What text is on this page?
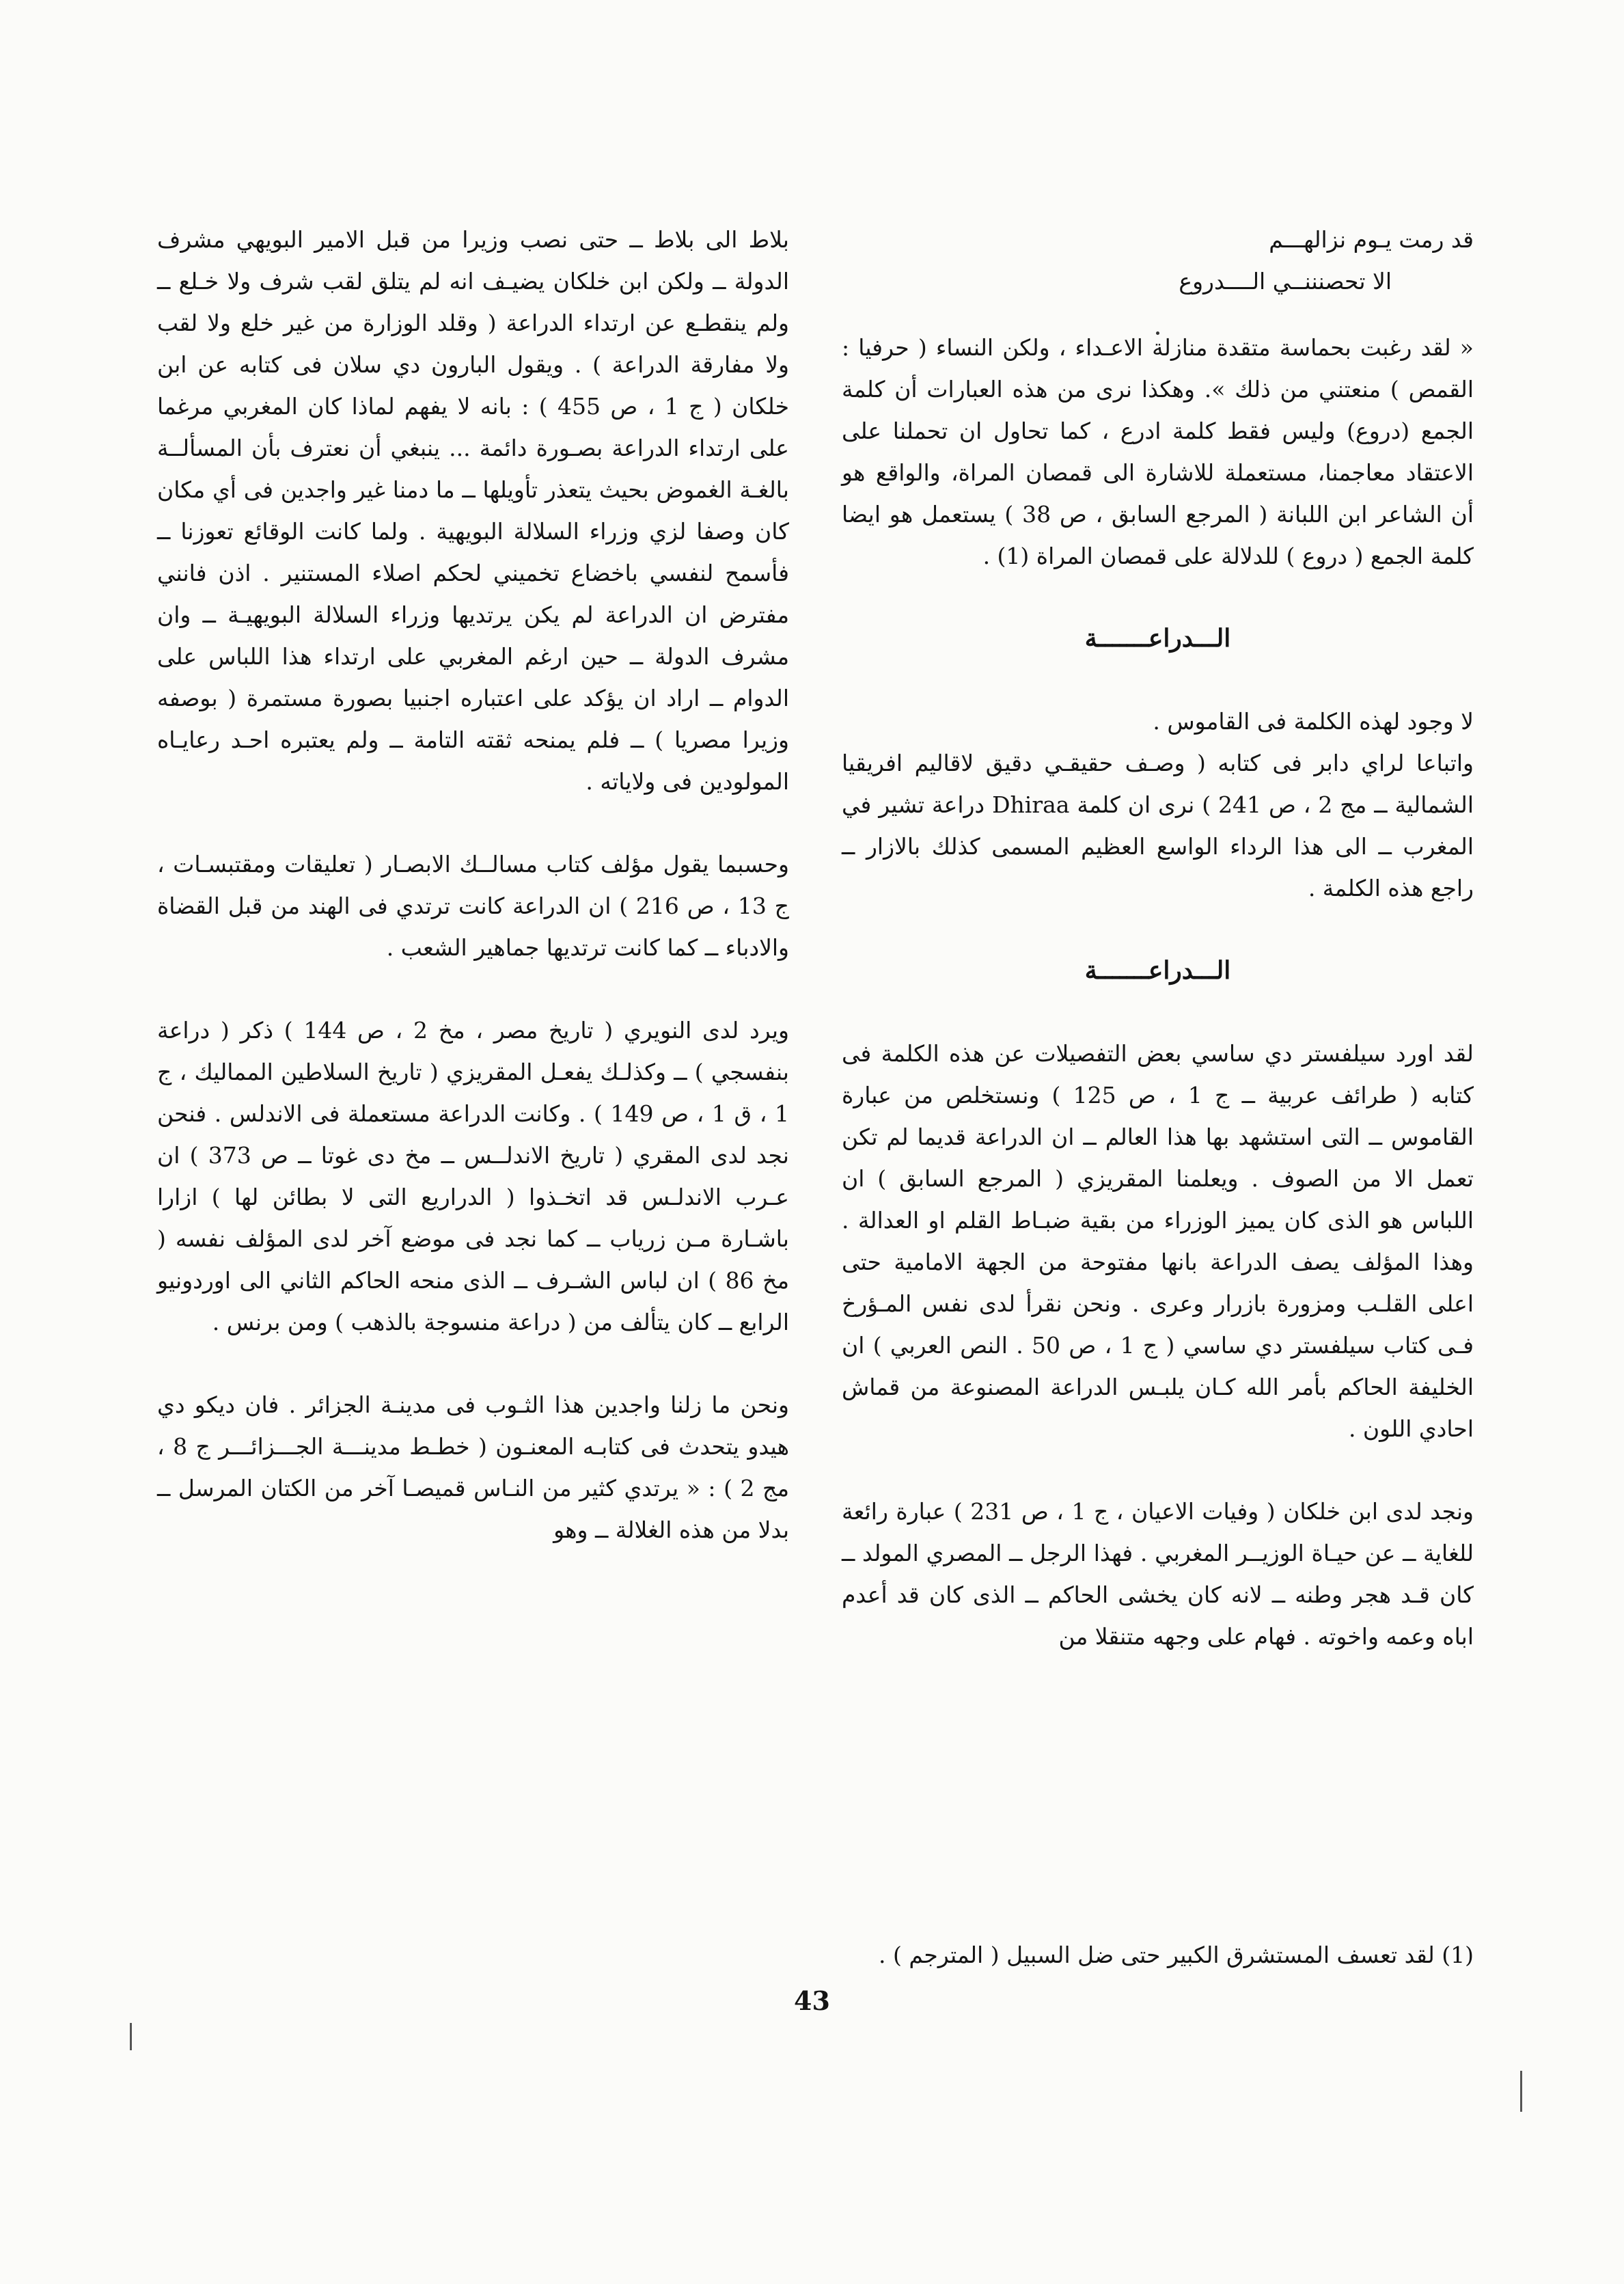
قد رمت يـوم نزالهـــم
الا تحصنننــي الــــدروع

« لقد رغبت بحماسة متقدة منازلة الاعـداء ، ولكن النساء ( حرفيا : القمص ) منعتني من ذلك ». وهكذا نرى من هذه العبارات أن كلمة الجمع (دروع) وليس فقط كلمة ادرع ، كما تحاول ان تحملنا على الاعتقاد معاجمنا، مستعملة للاشارة الى قمصان المراة، والواقع هو أن الشاعر ابن اللبانة ( المرجع السابق ، ص 38 ) يستعمل هو ايضا كلمة الجمع ( دروع ) للدلالة على قمصان المراة (1) .

الـــدراعـــــــة

لا وجود لهذه الكلمة فى القاموس .

واتباعا لراي دابر فى كتابه ( وصـف حقيقـي دقيق لاقاليم افريقيا الشمالية ــ مج 2 ، ص 241 ) نرى ان كلمة Dhiraa دراعة تشير في المغرب ــ الى هذا الرداء الواسع العظيم المسمى كذلك بالازار ــ راجع هذه الكلمة .

الـــدراعـــــــة

لقد اورد سيلفستر دي ساسي بعض التفصيلات عن هذه الكلمة فى كتابه ( طرائف عربية ــ ج 1 ، ص 125 ) ونستخلص من عبارة القاموس ــ التى استشهد بها هذا العالم ــ ان الدراعة قديما لم تكن تعمل الا من الصوف . ويعلمنا المقريزي ( المرجع السابق ) ان اللباس هو الذى كان يميز الوزراء من بقية ضبـاط القلم او العدالة . وهذا المؤلف يصف الدراعة بانها مفتوحة من الجهة الامامية حتى اعلى القلـب ومزورة بازرار وعرى . ونحن نقرأ لدى نفس المـؤرخ فـى كتاب سيلفستر دي ساسي ( ج 1 ، ص 50 . النص العربي ) ان الخليفة الحاكم بأمر الله كـان يلبـس الدراعة المصنوعة من قماش احادي اللون .

ونجد لدى ابن خلكان ( وفيات الاعيان ، ج 1 ، ص 231 ) عبارة رائعة للغاية ــ عن حيـاة الوزيــر المغربي . فهذا الرجل ــ المصري المولد ــ كان قـد هجر وطنه ــ لانه كان يخشى الحاكم ــ الذى كان قد أعدم اباه وعمه واخوته . فهام على وجهه متنقلا من

بلاط الى بلاط ــ حتى نصب وزيرا من قبل الامير البويهي مشرف الدولة ــ ولكن ابن خلكان يضيـف انه لم يتلق لقب شرف ولا خـلع ــ ولم ينقطـع عن ارتداء الدراعة ( وقلد الوزارة من غير خلع ولا لقب ولا مفارقة الدراعة ) . ويقول البارون دي سلان فى كتابه عن ابن خلكان ( ج 1 ، ص 455 ) : بانه لا يفهم لماذا كان المغربي مرغما على ارتداء الدراعة بصـورة دائمة ... ينبغي أن نعترف بأن المسألــة بالغـة الغموض بحيث يتعذر تأويلها ــ ما دمنا غير واجدين فى أي مكان كان وصفا لزي وزراء السلالة البويهية . ولما كانت الوقائع تعوزنا ــ فأسمح لنفسي باخضاع تخميني لحكم اصلاء المستنير . اذن فانني مفترض ان الدراعة لم يكن يرتديها وزراء السلالة البويهيـة ــ وان مشرف الدولة ــ حين ارغم المغربي على ارتداء هذا اللباس على الدوام ــ اراد ان يؤكد على اعتباره اجنبيا بصورة مستمرة ( بوصفه وزيرا مصريا ) ــ فلم يمنحه ثقته التامة ــ ولم يعتبره احـد رعايـاه المولودين فى ولاياته .

وحسبما يقول مؤلف كتاب مسالــك الابصـار ( تعليقات ومقتبسـات ، ج 13 ، ص 216 ) ان الدراعة كانت ترتدي فى الهند من قبل القضاة والادباء ــ كما كانت ترتديها جماهير الشعب .

ويرد لدى النويري ( تاريخ مصر ، مخ 2 ، ص 144 ) ذكر ( دراعة بنفسجي ) ــ وكذلـك يفعـل المقريزي ( تاريخ السلاطين المماليك ، ج 1 ، ق 1 ، ص 149 ) . وكانت الدراعة مستعملة فى الاندلس . فنحن نجد لدى المقري ( تاريخ الاندلــس ــ مخ دى غوتا ــ ص 373 ) ان عـرب الاندلـس قد اتخـذوا ( الدراريع التى لا بطائن لها ) ازارا باشـارة مـن زرياب ــ كما نجد فى موضع آخر لدى المؤلف نفسه ( مخ 86 ) ان لباس الشـرف ــ الذى منحه الحاكم الثاني الى اوردونيو الرابع ــ كان يتألف من ( دراعة منسوجة بالذهب ) ومن برنس .

ونحن ما زلنا واجدين هذا الثـوب فى مدينـة الجزائر . فان ديكو دي هيدو يتحدث فى كتابـه المعنـون ( خطـط مدينـــة الجـــزائـــر ج 8 ، مج 2 ) : « يرتدي كثير من النـاس قميصـا آخر من الكتان المرسل ــ بدلا من هذه الغلالة ــ وهو

(1) لقد تعسف المستشرق الكبير حتى ضل السبيل ( المترجم ) .
43
